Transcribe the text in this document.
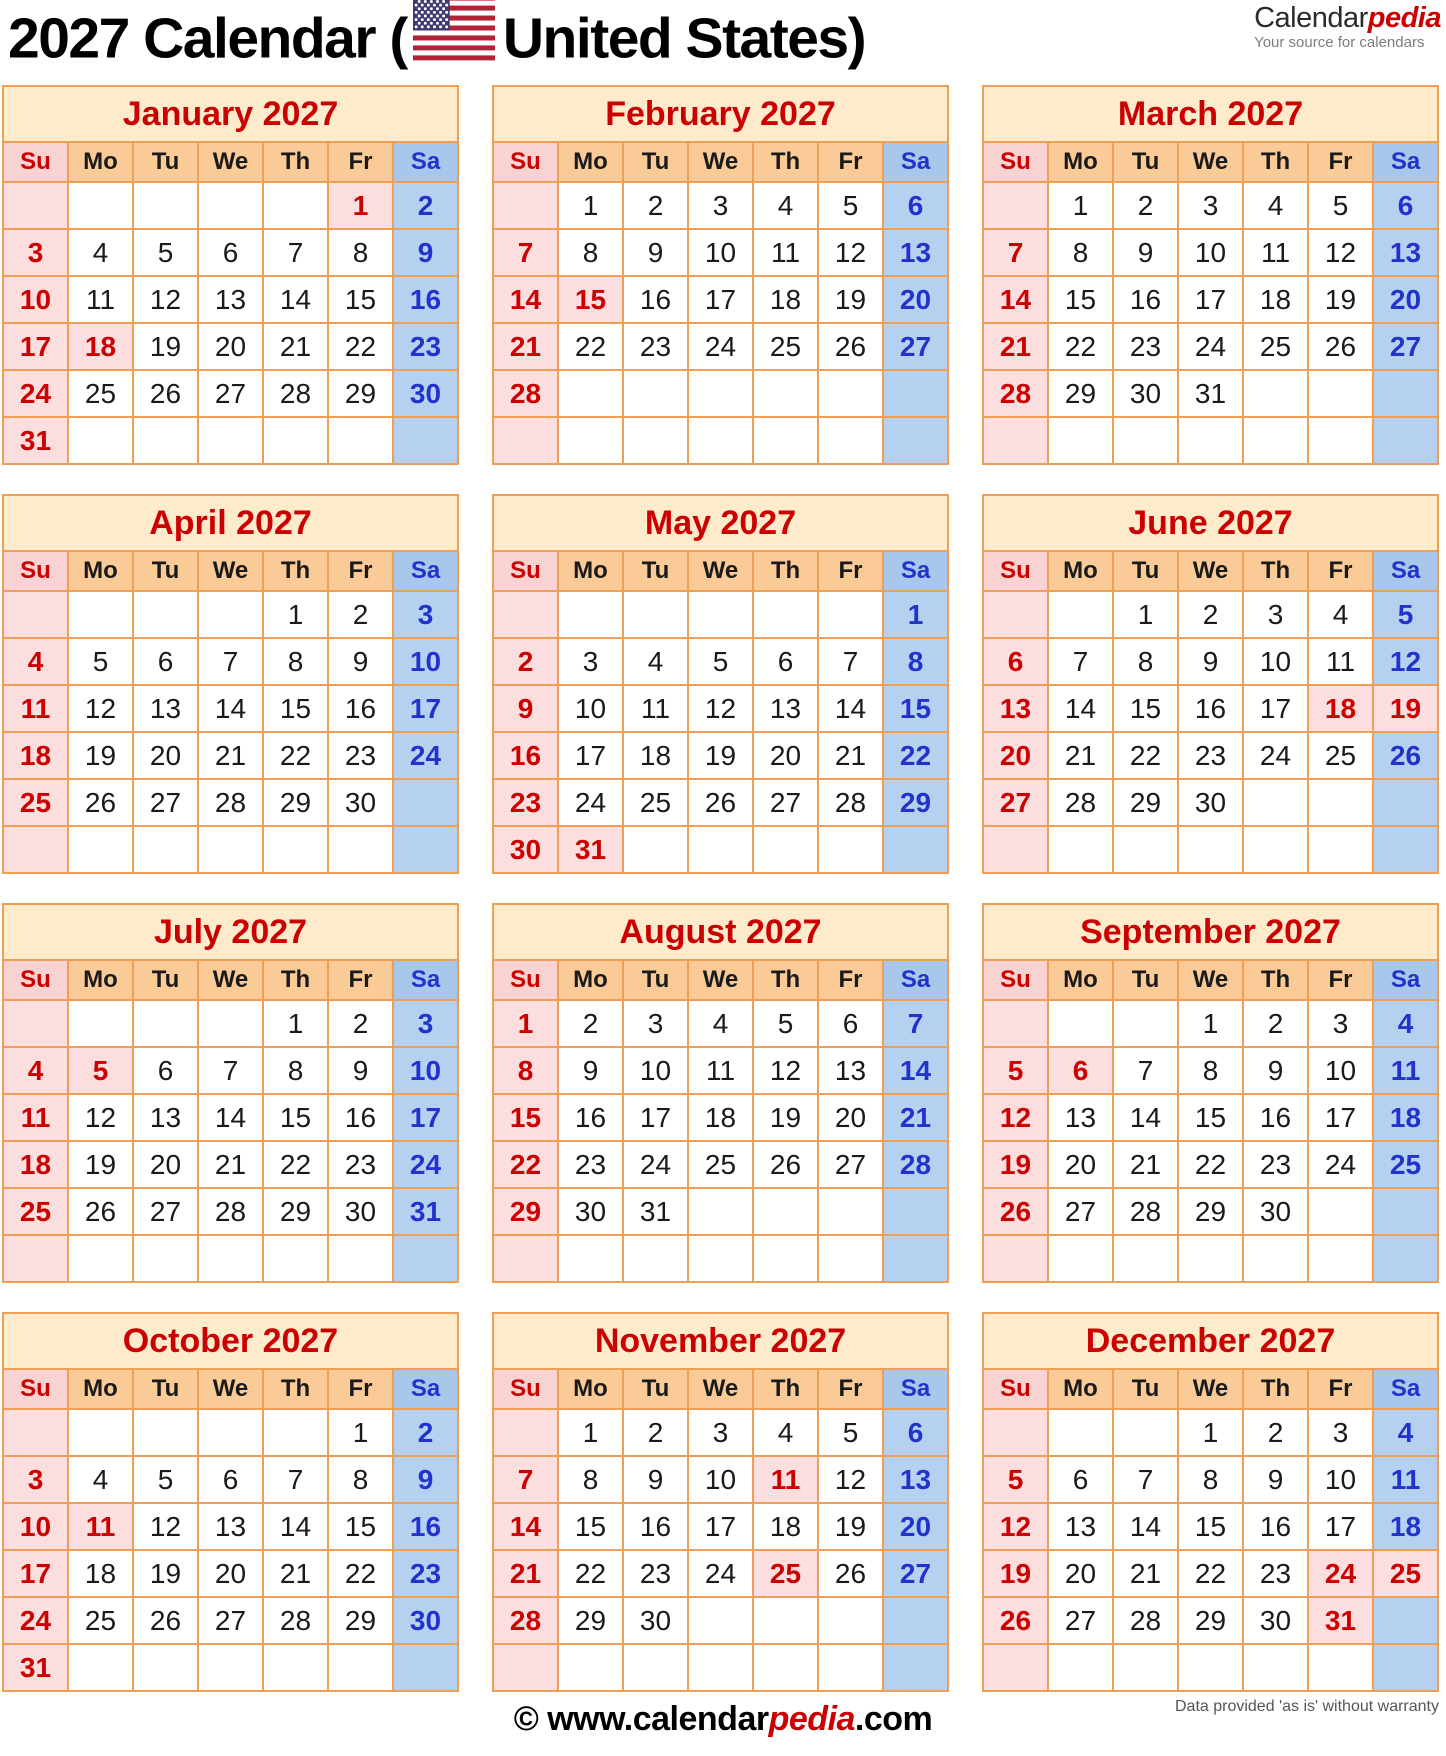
2027 Calendar ( United States)	Calendarpedia
Your source for calendars
January 2027						
Su	Mo	Tu	We	Th	Fr	Sa
					1	2
3	4	5	6	7	8	9
10	11	12	13	14	15	16
17	18	19	20	21	22	23
24	25	26	27	28	29	30
31						
February 2027						
Su	Mo	Tu	We	Th	Fr	Sa
	1	2	3	4	5	6
7	8	9	10	11	12	13
14	15	16	17	18	19	20
21	22	23	24	25	26	27
28						

March 2027						
Su	Mo	Tu	We	Th	Fr	Sa
	1	2	3	4	5	6
7	8	9	10	11	12	13
14	15	16	17	18	19	20
21	22	23	24	25	26	27
28	29	30	31			

April 2027						
Su	Mo	Tu	We	Th	Fr	Sa
				1	2	3
4	5	6	7	8	9	10
11	12	13	14	15	16	17
18	19	20	21	22	23	24
25	26	27	28	29	30	

May 2027						
Su	Mo	Tu	We	Th	Fr	Sa
						1
2	3	4	5	6	7	8
9	10	11	12	13	14	15
16	17	18	19	20	21	22
23	24	25	26	27	28	29
30	31					
June 2027						
Su	Mo	Tu	We	Th	Fr	Sa
		1	2	3	4	5
6	7	8	9	10	11	12
13	14	15	16	17	18	19
20	21	22	23	24	25	26
27	28	29	30			

July 2027						
Su	Mo	Tu	We	Th	Fr	Sa
				1	2	3
4	5	6	7	8	9	10
11	12	13	14	15	16	17
18	19	20	21	22	23	24
25	26	27	28	29	30	31

August 2027						
Su	Mo	Tu	We	Th	Fr	Sa
1	2	3	4	5	6	7
8	9	10	11	12	13	14
15	16	17	18	19	20	21
22	23	24	25	26	27	28
29	30	31				

September 2027						
Su	Mo	Tu	We	Th	Fr	Sa
			1	2	3	4
5	6	7	8	9	10	11
12	13	14	15	16	17	18
19	20	21	22	23	24	25
26	27	28	29	30		

October 2027						
Su	Mo	Tu	We	Th	Fr	Sa
					1	2
3	4	5	6	7	8	9
10	11	12	13	14	15	16
17	18	19	20	21	22	23
24	25	26	27	28	29	30
31						
November 2027						
Su	Mo	Tu	We	Th	Fr	Sa
	1	2	3	4	5	6
7	8	9	10	11	12	13
14	15	16	17	18	19	20
21	22	23	24	25	26	27
28	29	30				

December 2027						
Su	Mo	Tu	We	Th	Fr	Sa
			1	2	3	4
5	6	7	8	9	10	11
12	13	14	15	16	17	18
19	20	21	22	23	24	25
26	27	28	29	30	31	

Data provided 'as is' without warranty
© www.calendarpedia.com
